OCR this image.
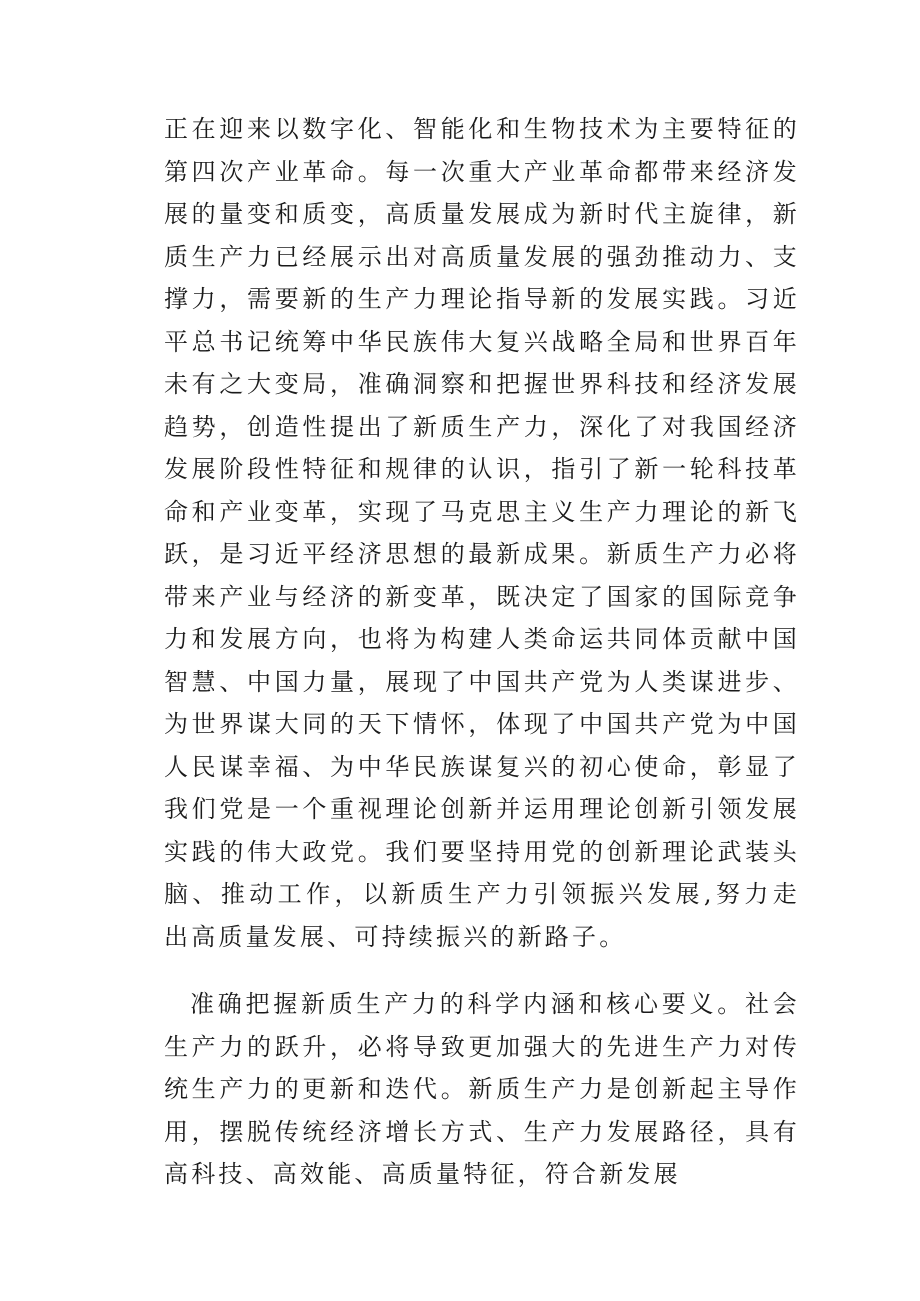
正在迎来以数字化、智能化和生物技术为主要特征的第四次产业革命。每一次重大产业革命都带来经济发展的量变和质变，高质量发展成为新时代主旋律，新质生产力已经展示出对高质量发展的强劲推动力、支撑力，需要新的生产力理论指导新的发展实践。习近平总书记统筹中华民族伟大复兴战略全局和世界百年未有之大变局，准确洞察和把握世界科技和经济发展趋势，创造性提出了新质生产力，深化了对我国经济发展阶段性特征和规律的认识，指引了新一轮科技革命和产业变革，实现了马克思主义生产力理论的新飞跃，是习近平经济思想的最新成果。新质生产力必将带来产业与经济的新变革，既决定了国家的国际竞争力和发展方向，也将为构建人类命运共同体贡献中国智慧、中国力量，展现了中国共产党为人类谋进步、为世界谋大同的天下情怀，体现了中国共产党为中国人民谋幸福、为中华民族谋复兴的初心使命，彰显了我们党是一个重视理论创新并运用理论创新引领发展实践的伟大政党。我们要坚持用党的创新理论武装头脑、推动工作，以新质生产力引领振兴发展,努力走出高质量发展、可持续振兴的新路子。

准确把握新质生产力的科学内涵和核心要义。社会生产力的跃升，必将导致更加强大的先进生产力对传统生产力的更新和迭代。新质生产力是创新起主导作用，摆脱传统经济增长方式、生产力发展路径，具有高科技、高效能、高质量特征，符合新发展
